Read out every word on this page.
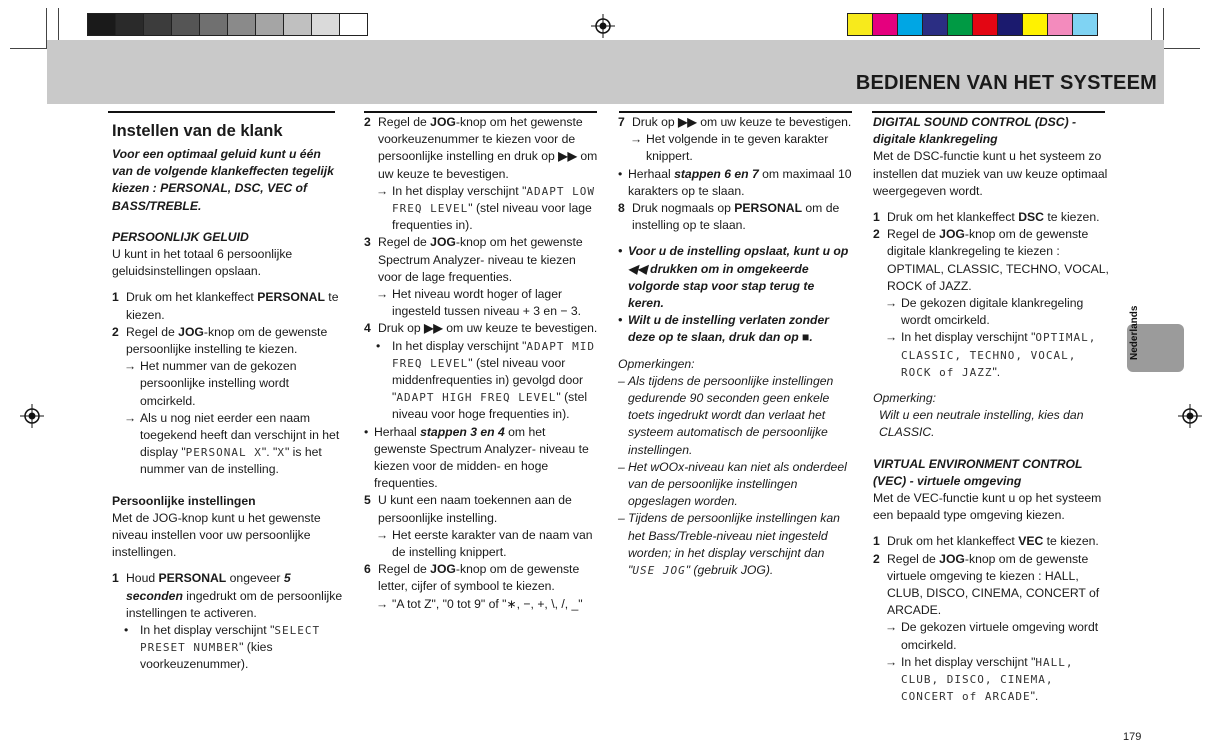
BEDIENEN VAN HET SYSTEEM
Instellen van de klank

Voor een optimaal geluid kunt u één van de volgende klankeffecten tegelijk kiezen : PERSONAL, DSC, VEC of BASS/TREBLE.

PERSOONLIJK GELUID

U kunt in het totaal 6 persoonlijke geluidsinstellingen opslaan.

1 Druk om het klankeffect PERSONAL te kiezen.
2 Regel de JOG-knop om de gewenste persoonlijke instelling te kiezen.
→ Het nummer van de gekozen persoonlijke instelling wordt omcirkeld.
→ Als u nog niet eerder een naam toegekend heeft dan verschijnt in het display "PERSONAL X". "X" is het nummer van de instelling.

Persoonlijke instellingen

Met de JOG-knop kunt u het gewenste niveau instellen voor uw persoonlijke instellingen.

1 Houd PERSONAL ongeveer 5 seconden ingedrukt om de persoonlijke instellingen te activeren.
• In het display verschijnt "SELECT PRESET NUMBER" (kies voorkeuzenummer).
2 Regel de JOG-knop om het gewenste voorkeuzenummer te kiezen voor de persoonlijke instelling en druk op ▶▶ om uw keuze te bevestigen.
→ In het display verschijnt "ADAPT LOW FREQ LEVEL" (stel niveau voor lage frequenties in).
3 Regel de JOG-knop om het gewenste Spectrum Analyzer- niveau te kiezen voor de lage frequenties.
→ Het niveau wordt hoger of lager ingesteld tussen niveau + 3 en − 3.
4 Druk op ▶▶ om uw keuze te bevestigen.
• In het display verschijnt "ADAPT MID FREQ LEVEL" (stel niveau voor middenfrequenties in) gevolgd door "ADAPT HIGH FREQ LEVEL" (stel niveau voor hoge frequenties in).
• Herhaal stappen 3 en 4 om het gewenste Spectrum Analyzer- niveau te kiezen voor de midden- en hoge frequenties.
5 U kunt een naam toekennen aan de persoonlijke instelling.
→ Het eerste karakter van de naam van de instelling knippert.
6 Regel de JOG-knop om de gewenste letter, cijfer of symbool te kiezen.
→ "A tot Z", "0 tot 9" of "∗, −, +, \, /, _"
7 Druk op ▶▶ om uw keuze te bevestigen.
→ Het volgende in te geven karakter knippert.
• Herhaal stappen 6 en 7 om maximaal 10 karakters op te slaan.
8 Druk nogmaals op PERSONAL om de instelling op te slaan.
• Voor u de instelling opslaat, kunt u op ◀◀ drukken om in omgekeerde volgorde stap voor stap terug te keren.
• Wilt u de instelling verlaten zonder deze op te slaan, druk dan op ■.

Opmerkingen:

– Als tijdens de persoonlijke instellingen gedurende 90 seconden geen enkele toets ingedrukt wordt dan verlaat het systeem automatisch de persoonlijke instellingen.
– Het wOOx-niveau kan niet als onderdeel van de persoonlijke instellingen opgeslagen worden.
– Tijdens de persoonlijke instellingen kan het Bass/Treble-niveau niet ingesteld worden; in het display verschijnt dan "USE JOG" (gebruik JOG).

DIGITAL SOUND CONTROL (DSC) - digitale klankregeling

Met de DSC-functie kunt u het systeem zo instellen dat muziek van uw keuze optimaal weergegeven wordt.

1 Druk om het klankeffect DSC te kiezen.
2 Regel de JOG-knop om de gewenste digitale klankregeling te kiezen : OPTIMAL, CLASSIC, TECHNO, VOCAL, ROCK of JAZZ.
→ De gekozen digitale klankregeling wordt omcirkeld.
→ In het display verschijnt "OPTIMAL, CLASSIC, TECHNO, VOCAL, ROCK of JAZZ".

Opmerking:

Wilt u een neutrale instelling, kies dan CLASSIC.

VIRTUAL ENVIRONMENT CONTROL (VEC) - virtuele omgeving

Met de VEC-functie kunt u op het systeem een bepaald type omgeving kiezen.

1 Druk om het klankeffect VEC te kiezen.
2 Regel de JOG-knop om de gewenste virtuele omgeving te kiezen : HALL, CLUB, DISCO, CINEMA, CONCERT of ARCADE.
→ De gekozen virtuele omgeving wordt omcirkeld.
→ In het display verschijnt "HALL, CLUB, DISCO, CINEMA, CONCERT of ARCADE".
Nederlands
179
